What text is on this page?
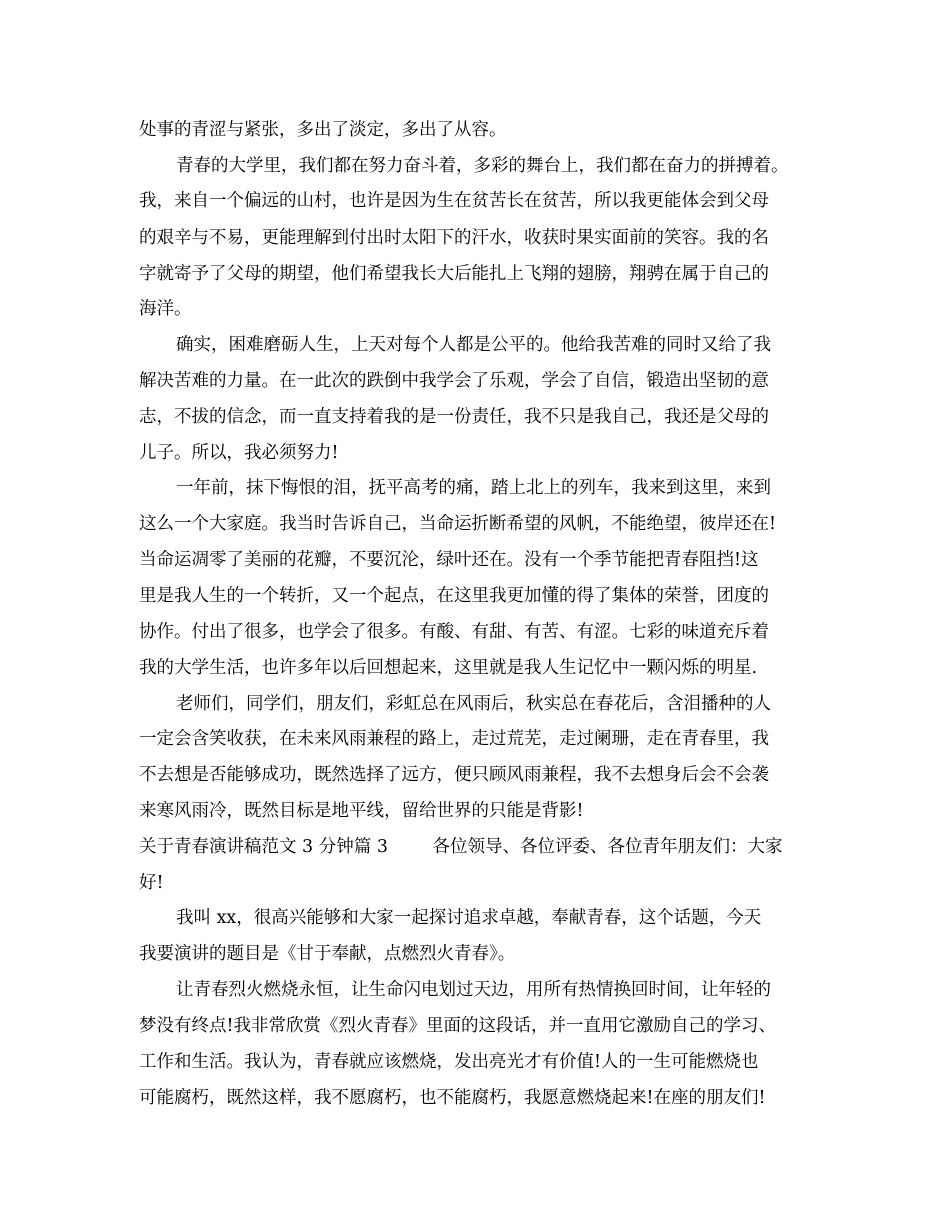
处事的青涩与紧张，多出了淡定，多出了从容。
青春的大学里，我们都在努力奋斗着，多彩的舞台上，我们都在奋力的拼搏着。
我，来自一个偏远的山村，也许是因为生在贫苦长在贫苦，所以我更能体会到父母
的艰辛与不易，更能理解到付出时太阳下的汗水，收获时果实面前的笑容。我的名
字就寄予了父母的期望，他们希望我长大后能扎上飞翔的翅膀，翔骋在属于自己的
海洋。
确实，困难磨砺人生，上天对每个人都是公平的。他给我苦难的同时又给了我
解决苦难的力量。在一此次的跌倒中我学会了乐观，学会了自信，锻造出坚韧的意
志，不拔的信念，而一直支持着我的是一份责任，我不只是我自己，我还是父母的
儿子。所以，我必须努力!
一年前，抹下悔恨的泪，抚平高考的痛，踏上北上的列车，我来到这里，来到
这么一个大家庭。我当时告诉自己，当命运折断希望的风帆，不能绝望，彼岸还在!
当命运凋零了美丽的花瓣，不要沉沦，绿叶还在。没有一个季节能把青春阻挡!这
里是我人生的一个转折，又一个起点，在这里我更加懂的得了集体的荣誉，团度的
协作。付出了很多，也学会了很多。有酸、有甜、有苦、有涩。七彩的味道充斥着
我的大学生活，也许多年以后回想起来，这里就是我人生记忆中一颗闪烁的明星.
老师们，同学们，朋友们，彩虹总在风雨后，秋实总在春花后，含泪播种的人
一定会含笑收获，在未来风雨兼程的路上，走过荒芜，走过阑珊，走在青春里，我
不去想是否能够成功，既然选择了远方，便只顾风雨兼程，我不去想身后会不会袭
来寒风雨冷，既然目标是地平线，留给世界的只能是背影!
关于青春演讲稿范文 3 分钟篇 3        各位领导、各位评委、各位青年朋友们：大家
好!
我叫 xx，很高兴能够和大家一起探讨追求卓越，奉献青春，这个话题，今天
我要演讲的题目是《甘于奉献，点燃烈火青春》。
让青春烈火燃烧永恒，让生命闪电划过天边，用所有热情换回时间，让年轻的
梦没有终点!我非常欣赏《烈火青春》里面的这段话，并一直用它激励自己的学习、
工作和生活。我认为，青春就应该燃烧，发出亮光才有价值!人的一生可能燃烧也
可能腐朽，既然这样，我不愿腐朽，也不能腐朽，我愿意燃烧起来!在座的朋友们!
